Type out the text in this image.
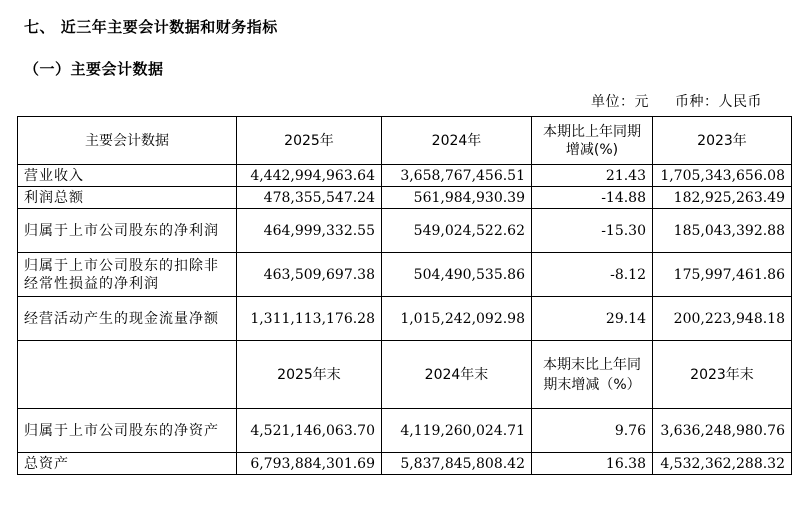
七、 近三年主要会计数据和财务指标
（一）主要会计数据
单位：元 币种：人民币
主要会计数据	2025年	2024年	本期比上年同期增减(%)	2023年
营业收入	4,442,994,963.64	3,658,767,456.51	21.43	1,705,343,656.08
利润总额	478,355,547.24	561,984,930.39	-14.88	182,925,263.49
归属于上市公司股东的净利润	464,999,332.55	549,024,522.62	-15.30	185,043,392.88
归属于上市公司股东的扣除非经常性损益的净利润	463,509,697.38	504,490,535.86	-8.12	175,997,461.86
经营活动产生的现金流量净额	1,311,113,176.28	1,015,242,092.98	29.14	200,223,948.18
	2025年末	2024年末	本期末比上年同期末增减（%）	2023年末
归属于上市公司股东的净资产	4,521,146,063.70	4,119,260,024.71	9.76	3,636,248,980.76
总资产	6,793,884,301.69	5,837,845,808.42	16.38	4,532,362,288.32
